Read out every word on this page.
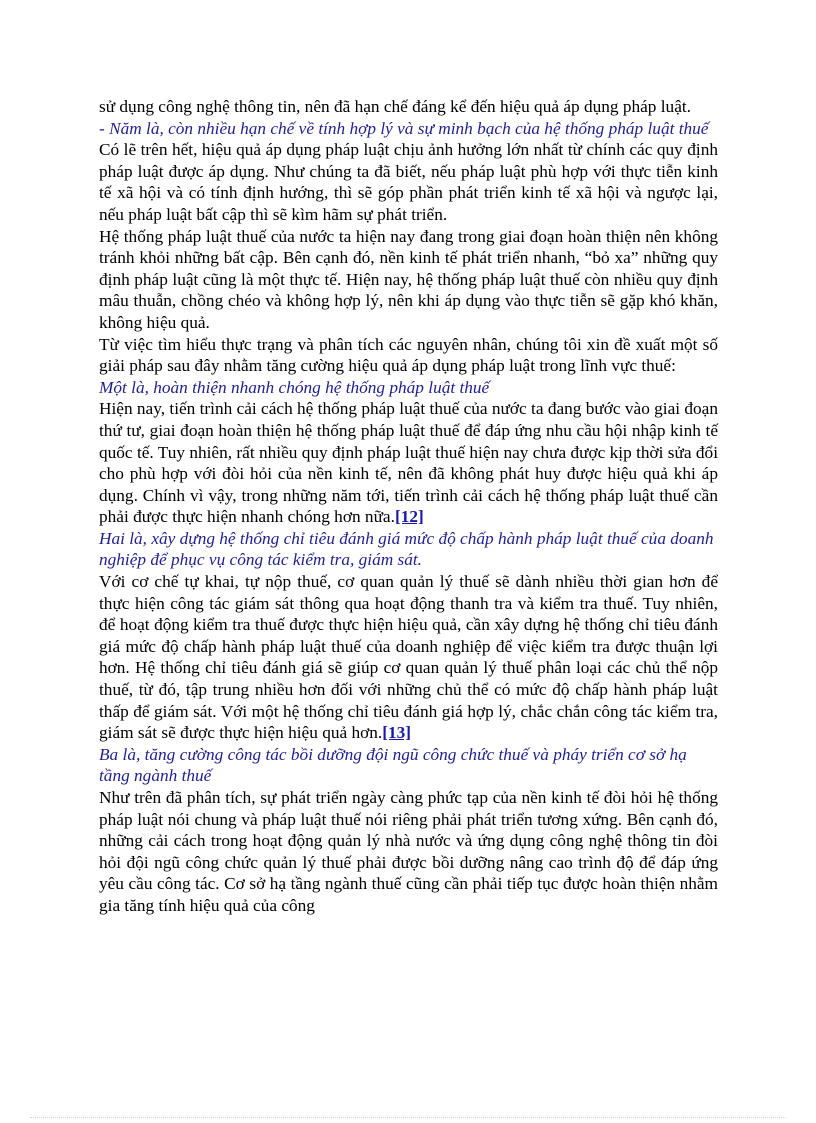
sử dụng công nghệ thông tin, nên đã hạn chế đáng kể đến hiệu quả áp dụng pháp luật.

- Năm là, còn nhiều hạn chế về tính hợp lý và sự minh bạch của hệ thống pháp luật thuế

Có lẽ trên hết, hiệu quả áp dụng pháp luật chịu ảnh hưởng lớn nhất từ chính các quy định pháp luật được áp dụng. Như chúng ta đã biết, nếu pháp luật phù hợp với thực tiễn kinh tế xã hội và có tính định hướng, thì sẽ góp phần phát triển kinh tế xã hội và ngược lại, nếu pháp luật bất cập thì sẽ kìm hãm sự phát triển.

Hệ thống pháp luật thuế của nước ta hiện nay đang trong giai đoạn hoàn thiện nên không tránh khỏi những bất cập. Bên cạnh đó, nền kinh tế phát triển nhanh, “bỏ xa” những quy định pháp luật cũng là một thực tế. Hiện nay, hệ thống pháp luật thuế còn nhiều quy định mâu thuẫn, chồng chéo và không hợp lý, nên khi áp dụng vào thực tiễn sẽ gặp khó khăn, không hiệu quả.

Từ việc tìm hiểu thực trạng và phân tích các nguyên nhân, chúng tôi xin đề xuất một số giải pháp sau đây nhằm tăng cường hiệu quả áp dụng pháp luật trong lĩnh vực thuế:

Một là, hoàn thiện nhanh chóng hệ thống pháp luật thuế

Hiện nay, tiến trình cải cách hệ thống pháp luật thuế của nước ta đang bước vào giai đoạn thứ tư, giai đoạn hoàn thiện hệ thống pháp luật thuế để đáp ứng nhu cầu hội nhập kinh tế quốc tế. Tuy nhiên, rất nhiều quy định pháp luật thuế hiện nay chưa được kịp thời sửa đổi cho phù hợp với đòi hỏi của nền kinh tế, nên đã không phát huy được hiệu quả khi áp dụng. Chính vì vậy, trong những năm tới, tiến trình cải cách hệ thống pháp luật thuế cần phải được thực hiện nhanh chóng hơn nữa.[12]

Hai là, xây dựng hệ thống chỉ tiêu đánh giá mức độ chấp hành pháp luật thuế của doanh nghiệp để phục vụ công tác kiểm tra, giám sát.

Với cơ chế tự khai, tự nộp thuế, cơ quan quản lý thuế sẽ dành nhiều thời gian hơn để thực hiện công tác giám sát thông qua hoạt động thanh tra và kiểm tra thuế. Tuy nhiên, để hoạt động kiểm tra thuế được thực hiện hiệu quả, cần xây dựng hệ thống chỉ tiêu đánh giá mức độ chấp hành pháp luật thuế của doanh nghiệp để việc kiểm tra được thuận lợi hơn. Hệ thống chỉ tiêu đánh giá sẽ giúp cơ quan quản lý thuế phân loại các chủ thể nộp thuế, từ đó, tập trung nhiều hơn đối với những chủ thể có mức độ chấp hành pháp luật thấp để giám sát. Với một hệ thống chỉ tiêu đánh giá hợp lý, chắc chắn công tác kiểm tra, giám sát sẽ được thực hiện hiệu quả hơn.[13]

Ba là, tăng cường công tác bồi dưỡng đội ngũ công chức thuế và pháy triển cơ sở hạ tầng ngành thuế

Như trên đã phân tích, sự phát triển ngày càng phức tạp của nền kinh tế đòi hỏi hệ thống pháp luật nói chung và pháp luật thuế nói riêng phải phát triển tương xứng. Bên cạnh đó, những cải cách trong hoạt động quản lý nhà nước và ứng dụng công nghệ thông tin đòi hỏi đội ngũ công chức quản lý thuế phải được bồi dưỡng nâng cao trình độ để đáp ứng yêu cầu công tác. Cơ sở hạ tầng ngành thuế cũng cần phải tiếp tục được hoàn thiện nhằm gia tăng tính hiệu quả của công
